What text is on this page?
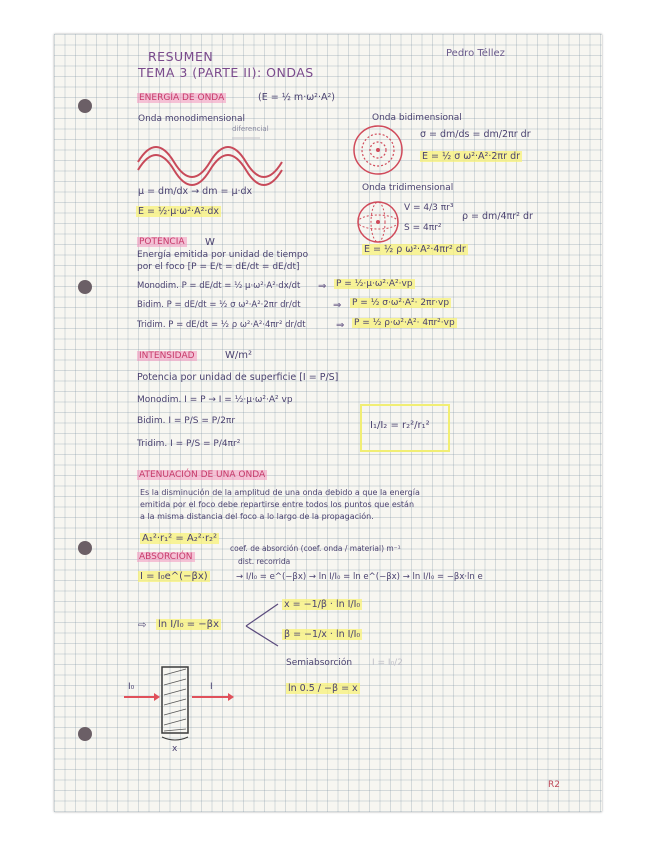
RESUMEN
TEMA 3 (PARTE II): ONDAS
Pedro Téllez
ENERGÍA DE ONDA	(E = ½ m·ω²·A²)
Onda monodimensional
diferencial
μ = dm/dx → dm = μ·dx
E = ½·μ·ω²·A²·dx
Onda bidimensional
σ = dm/ds = dm/2πr dr
E = ½ σ ω²·A²·2πr dr
Onda tridimensional
V = 4/3 πr³
S = 4πr²
ρ = dm/4πr² dr
E = ½ ρ ω²·A²·4πr² dr
POTENCIA W
Energía emitida por unidad de tiempo
por el foco [P = E/t = dE/dt = dE/dt]
Monodim. P = dE/dt = ½ μ·ω²·A²·dx/dt ⇒ P = ½·μ·ω²·A²·vp
Bidim. P = dE/dt = ½ σ ω²·A²·2πr dr/dt	⇒ P = ½ σ·ω²·A²· 2πr·vp
Tridim. P = dE/dt = ½ ρ ω²·A²·4πr² dr/dt	⇒ P = ½ ρ·ω²·A²· 4πr²·vp
INTENSIDAD	W/m²
Potencia por unidad de superficie [I = P/S]
Monodim. I = P → I = ½·μ·ω²·A² vp
Bidim. I = P/S = P/2πr
Tridim. I = P/S = P/4πr²
I₁/I₂ = r₂²/r₁²
ATENUACIÓN DE UNA ONDA
Es la disminución de la amplitud de una onda debido a que la energía
emitida por el foco debe repartirse entre todos los puntos que están
a la misma distancia del foco a lo largo de la propagación.
A₁²·r₁² = A₂²·r₂²
ABSORCIÓN
coef. de absorción (coef. onda / material) m⁻¹
dist. recorrida
I = I₀e^(−βx)	→ I/I₀ = e^(−βx) → ln I/I₀ = ln e^(−βx) → ln I/I₀ = −βx·ln e
⇨ ln I/I₀ = −βx
x = −1/β · ln I/I₀
β = −1/x · ln I/I₀
Semiabsorción I = I₀/2
ln 0.5 / −β = x
I₀	I
x
R2
